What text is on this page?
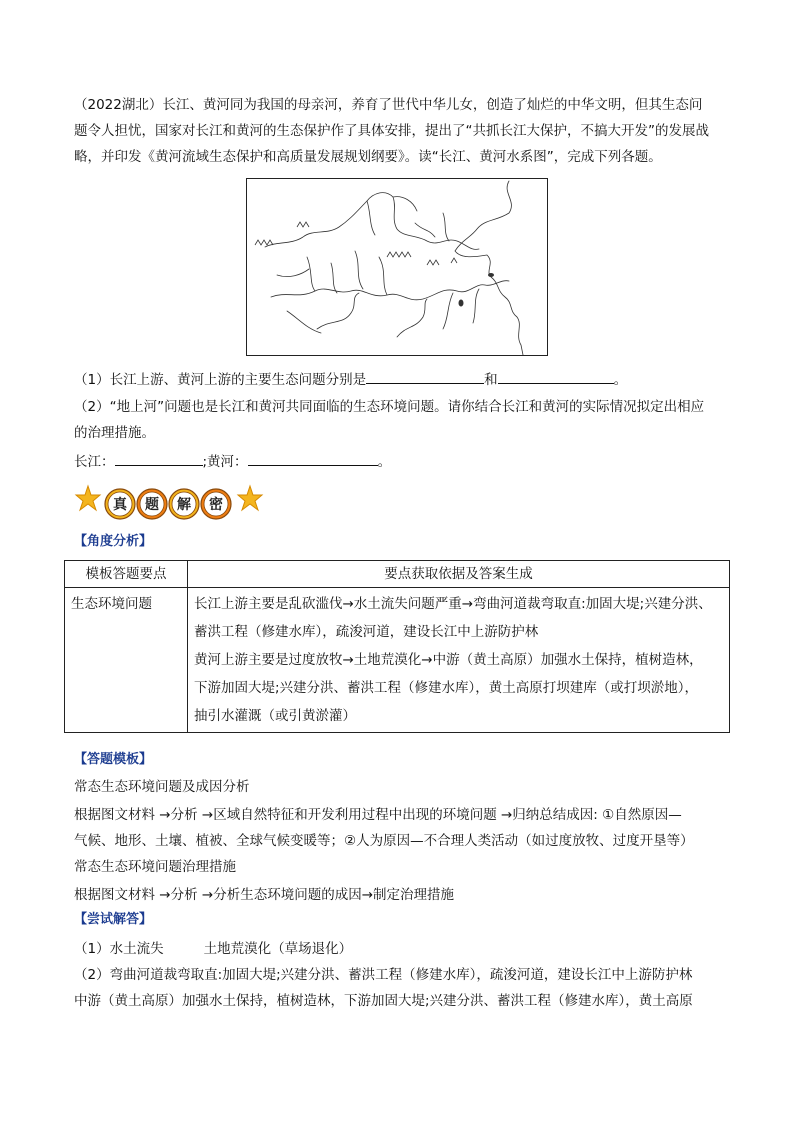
（2022湖北）长江、黄河同为我国的母亲河，养育了世代中华儿女，创造了灿烂的中华文明，但其生态问
题令人担忧，国家对长江和黄河的生态保护作了具体安排，提出了“共抓长江大保护，不搞大开发”的发展战
略，并印发《黄河流域生态保护和高质量发展规划纲要》。读“长江、黄河水系图”，完成下列各题。
（1）长江上游、黄河上游的主要生态问题分别是	和	。
（2）“地上河”问题也是长江和黄河共同面临的生态环境问题。请你结合长江和黄河的实际情况拟定出相应
的治理措施。
长江：	;黄河：	。
真 题 解 密
【角度分析】
模板答题要点	要点获取依据及答案生成
生态环境问题	长江上游主要是乱砍滥伐→水土流失问题严重→弯曲河道裁弯取直:加固大堤;兴建分洪、
蓄洪工程（修建水库），疏浚河道，建设长江中上游防护林
黄河上游主要是过度放牧→土地荒漠化→中游（黄土高原）加强水土保持，植树造林，
下游加固大堤;兴建分洪、蓄洪工程（修建水库），黄土高原打坝建库（或打坝淤地），
抽引水灌溉（或引黄淤灌）
【答题模板】
常态生态环境问题及成因分析
根据图文材料 →分析 →区域自然特征和开发利用过程中出现的环境问题 →归纳总结成因: ①自然原因—
气候、地形、土壤、植被、全球气候变暖等；②人为原因—不合理人类活动（如过度放牧、过度开垦等）
常态生态环境问题治理措施
根据图文材料 →分析 →分析生态环境问题的成因→制定治理措施
【尝试解答】
（1）水土流失	土地荒漠化（草场退化）
（2）弯曲河道裁弯取直:加固大堤;兴建分洪、蓄洪工程（修建水库），疏浚河道，建设长江中上游防护林
中游（黄土高原）加强水土保持，植树造林，下游加固大堤;兴建分洪、蓄洪工程（修建水库），黄土高原
